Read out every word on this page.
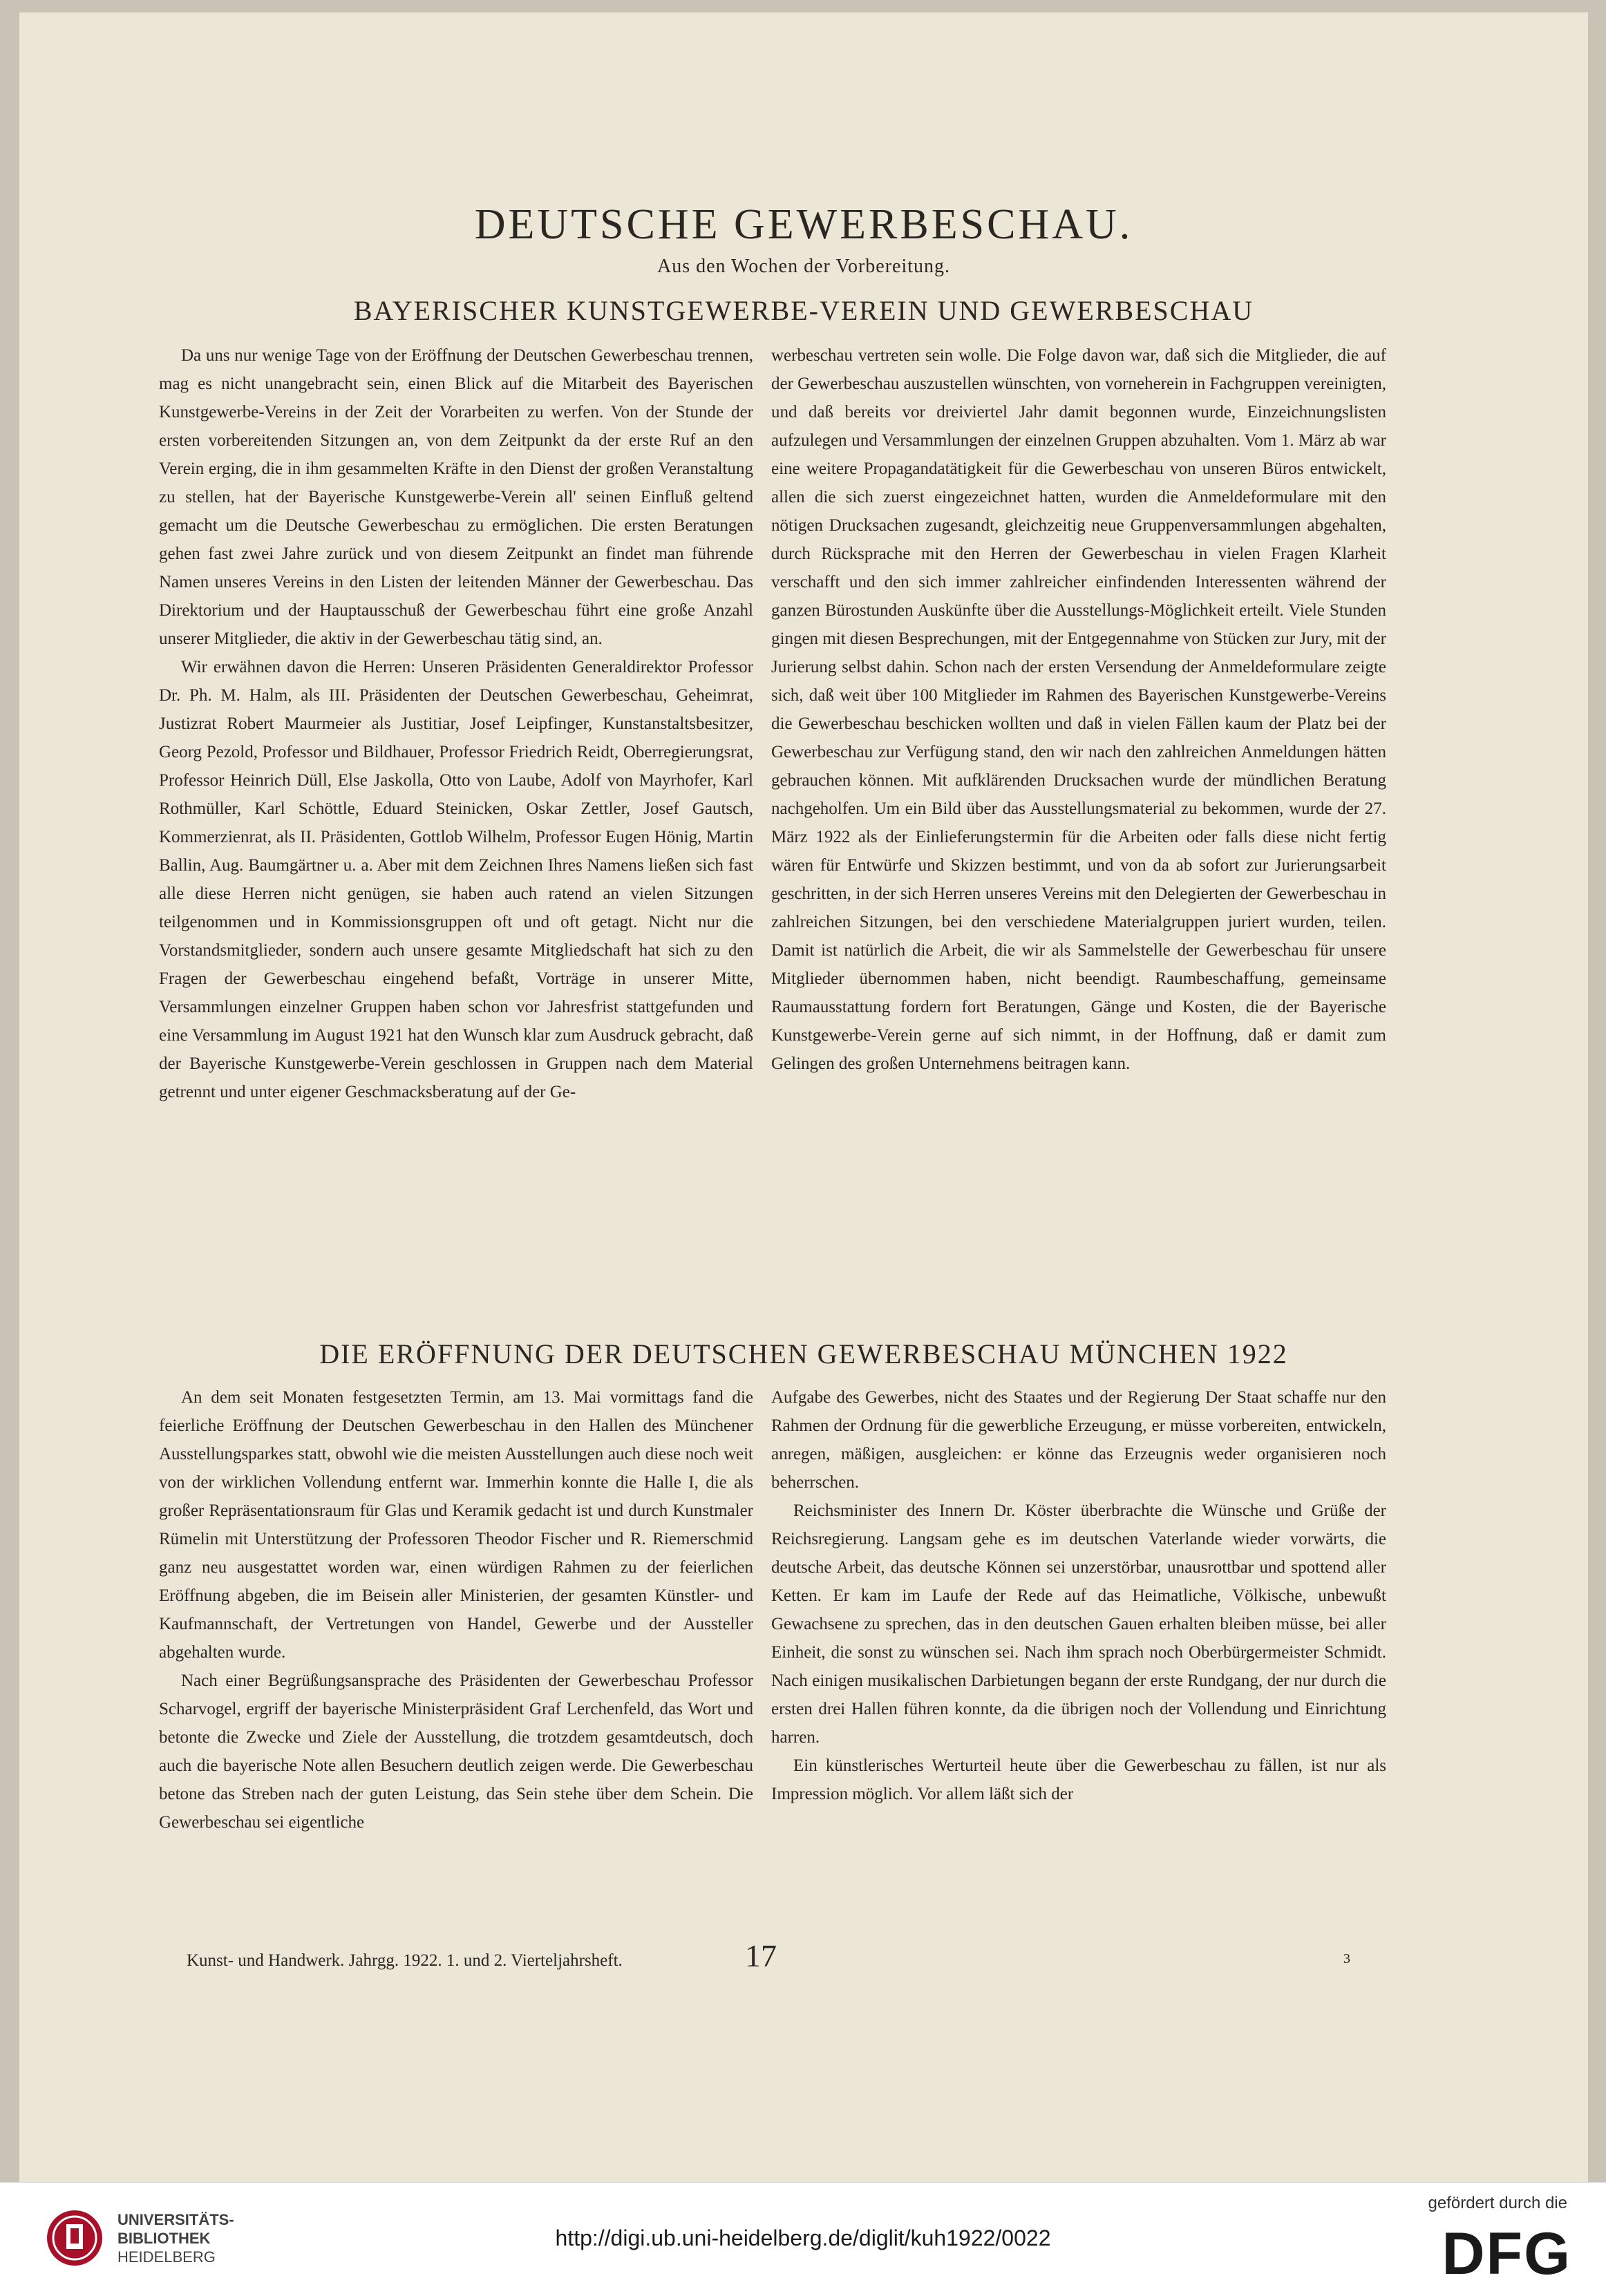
DEUTSCHE GEWERBESCHAU.
Aus den Wochen der Vorbereitung.
BAYERISCHER KUNSTGEWERBE-VEREIN UND GEWERBESCHAU

Da uns nur wenige Tage von der Eröffnung der Deutschen Gewerbeschau trennen, mag es nicht unangebracht sein, einen Blick auf die Mitarbeit des Bayerischen Kunstgewerbe-Vereins in der Zeit der Vorarbeiten zu werfen. Von der Stunde der ersten vorbereitenden Sitzungen an, von dem Zeitpunkt da der erste Ruf an den Verein erging, die in ihm gesammelten Kräfte in den Dienst der großen Veranstaltung zu stellen, hat der Bayerische Kunstgewerbe-Verein all' seinen Einfluß geltend gemacht um die Deutsche Gewerbeschau zu ermöglichen. Die ersten Beratungen gehen fast zwei Jahre zurück und von diesem Zeitpunkt an findet man führende Namen unseres Vereins in den Listen der leitenden Männer der Gewerbeschau. Das Direktorium und der Hauptausschuß der Gewerbeschau führt eine große Anzahl unserer Mitglieder, die aktiv in der Gewerbeschau tätig sind, an.

Wir erwähnen davon die Herren: Unseren Präsidenten Generaldirektor Professor Dr. Ph. M. Halm, als III. Präsidenten der Deutschen Gewerbeschau, Geheimrat, Justizrat Robert Maurmeier als Justitiar, Josef Leipfinger, Kunstanstaltsbesitzer, Georg Pezold, Professor und Bildhauer, Professor Friedrich Reidt, Oberregierungsrat, Professor Heinrich Düll, Else Jaskolla, Otto von Laube, Adolf von Mayrhofer, Karl Rothmüller, Karl Schöttle, Eduard Steinicken, Oskar Zettler, Josef Gautsch, Kommerzienrat, als II. Präsidenten, Gottlob Wilhelm, Professor Eugen Hönig, Martin Ballin, Aug. Baumgärtner u. a. Aber mit dem Zeichnen Ihres Namens ließen sich fast alle diese Herren nicht genügen, sie haben auch ratend an vielen Sitzungen teilgenommen und in Kommissionsgruppen oft und oft getagt. Nicht nur die Vorstandsmitglieder, sondern auch unsere gesamte Mitgliedschaft hat sich zu den Fragen der Gewerbeschau eingehend befaßt, Vorträge in unserer Mitte, Versammlungen einzelner Gruppen haben schon vor Jahresfrist stattgefunden und eine Versammlung im August 1921 hat den Wunsch klar zum Ausdruck gebracht, daß der Bayerische Kunstgewerbe-Verein geschlossen in Gruppen nach dem Material getrennt und unter eigener Geschmacksberatung auf der Ge-

werbeschau vertreten sein wolle. Die Folge davon war, daß sich die Mitglieder, die auf der Gewerbeschau auszustellen wünschten, von vorneherein in Fachgruppen vereinigten, und daß bereits vor dreiviertel Jahr damit begonnen wurde, Einzeichnungslisten aufzulegen und Versammlungen der einzelnen Gruppen abzuhalten. Vom 1. März ab war eine weitere Propagandatätigkeit für die Gewerbeschau von unseren Büros entwickelt, allen die sich zuerst eingezeichnet hatten, wurden die Anmeldeformulare mit den nötigen Drucksachen zugesandt, gleichzeitig neue Gruppenversammlungen abgehalten, durch Rücksprache mit den Herren der Gewerbeschau in vielen Fragen Klarheit verschafft und den sich immer zahlreicher einfindenden Interessenten während der ganzen Bürostunden Auskünfte über die Ausstellungs-Möglichkeit erteilt. Viele Stunden gingen mit diesen Besprechungen, mit der Entgegennahme von Stücken zur Jury, mit der Jurierung selbst dahin. Schon nach der ersten Versendung der Anmeldeformulare zeigte sich, daß weit über 100 Mitglieder im Rahmen des Bayerischen Kunstgewerbe-Vereins die Gewerbeschau beschicken wollten und daß in vielen Fällen kaum der Platz bei der Gewerbeschau zur Verfügung stand, den wir nach den zahlreichen Anmeldungen hätten gebrauchen können. Mit aufklärenden Drucksachen wurde der mündlichen Beratung nachgeholfen. Um ein Bild über das Ausstellungsmaterial zu bekommen, wurde der 27. März 1922 als der Einlieferungstermin für die Arbeiten oder falls diese nicht fertig wären für Entwürfe und Skizzen bestimmt, und von da ab sofort zur Jurierungsarbeit geschritten, in der sich Herren unseres Vereins mit den Delegierten der Gewerbeschau in zahlreichen Sitzungen, bei den verschiedene Materialgruppen juriert wurden, teilen. Damit ist natürlich die Arbeit, die wir als Sammelstelle der Gewerbeschau für unsere Mitglieder übernommen haben, nicht beendigt. Raumbeschaffung, gemeinsame Raumausstattung fordern fort Beratungen, Gänge und Kosten, die der Bayerische Kunstgewerbe-Verein gerne auf sich nimmt, in der Hoffnung, daß er damit zum Gelingen des großen Unternehmens beitragen kann.

DIE ERÖFFNUNG DER DEUTSCHEN GEWERBESCHAU MÜNCHEN 1922

An dem seit Monaten festgesetzten Termin, am 13. Mai vormittags fand die feierliche Eröffnung der Deutschen Gewerbeschau in den Hallen des Münchener Ausstellungsparkes statt, obwohl wie die meisten Ausstellungen auch diese noch weit von der wirklichen Vollendung entfernt war. Immerhin konnte die Halle I, die als großer Repräsentationsraum für Glas und Keramik gedacht ist und durch Kunstmaler Rümelin mit Unterstützung der Professoren Theodor Fischer und R. Riemerschmid ganz neu ausgestattet worden war, einen würdigen Rahmen zu der feierlichen Eröffnung abgeben, die im Beisein aller Ministerien, der gesamten Künstler- und Kaufmannschaft, der Vertretungen von Handel, Gewerbe und der Aussteller abgehalten wurde.

Nach einer Begrüßungsansprache des Präsidenten der Gewerbeschau Professor Scharvogel, ergriff der bayerische Ministerpräsident Graf Lerchenfeld, das Wort und betonte die Zwecke und Ziele der Ausstellung, die trotzdem gesamtdeutsch, doch auch die bayerische Note allen Besuchern deutlich zeigen werde. Die Gewerbeschau betone das Streben nach der guten Leistung, das Sein stehe über dem Schein. Die Gewerbeschau sei eigentliche

Aufgabe des Gewerbes, nicht des Staates und der Regierung Der Staat schaffe nur den Rahmen der Ordnung für die gewerbliche Erzeugung, er müsse vorbereiten, entwickeln, anregen, mäßigen, ausgleichen: er könne das Erzeugnis weder organisieren noch beherrschen.

Reichsminister des Innern Dr. Köster überbrachte die Wünsche und Grüße der Reichsregierung. Langsam gehe es im deutschen Vaterlande wieder vorwärts, die deutsche Arbeit, das deutsche Können sei unzerstörbar, unausrottbar und spottend aller Ketten. Er kam im Laufe der Rede auf das Heimatliche, Völkische, unbewußt Gewachsene zu sprechen, das in den deutschen Gauen erhalten bleiben müsse, bei aller Einheit, die sonst zu wünschen sei. Nach ihm sprach noch Oberbürgermeister Schmidt. Nach einigen musikalischen Darbietungen begann der erste Rundgang, der nur durch die ersten drei Hallen führen konnte, da die übrigen noch der Vollendung und Einrichtung harren.

Ein künstlerisches Werturteil heute über die Gewerbeschau zu fällen, ist nur als Impression möglich. Vor allem läßt sich der

Kunst- und Handwerk. Jahrgg. 1922. 1. und 2. Vierteljahrsheft.	17	3
UNIVERSITÄTS-
BIBLIOTHEK
HEIDELBERG
http://digi.ub.uni-heidelberg.de/diglit/kuh1922/0022
gefördert durch die
DFG
